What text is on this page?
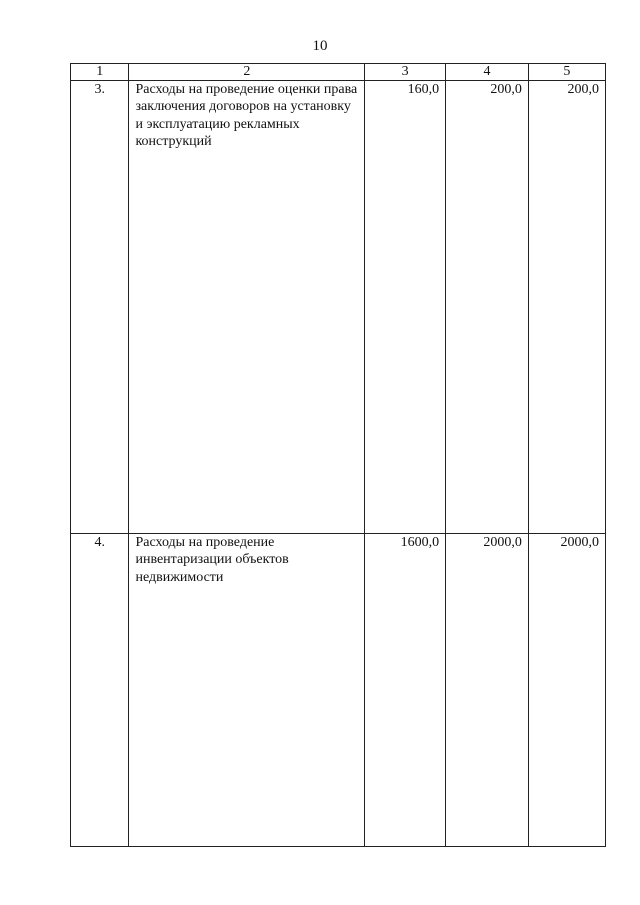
10
1	2	3	4	5
3.	Расходы на проведение оценки права заключения договоров на установку и эксплуатацию рекламных конструкций	160,0	200,0	200,0
4.	Расходы на проведение инвентаризации объектов недвижимости	1600,0	2000,0	2000,0
